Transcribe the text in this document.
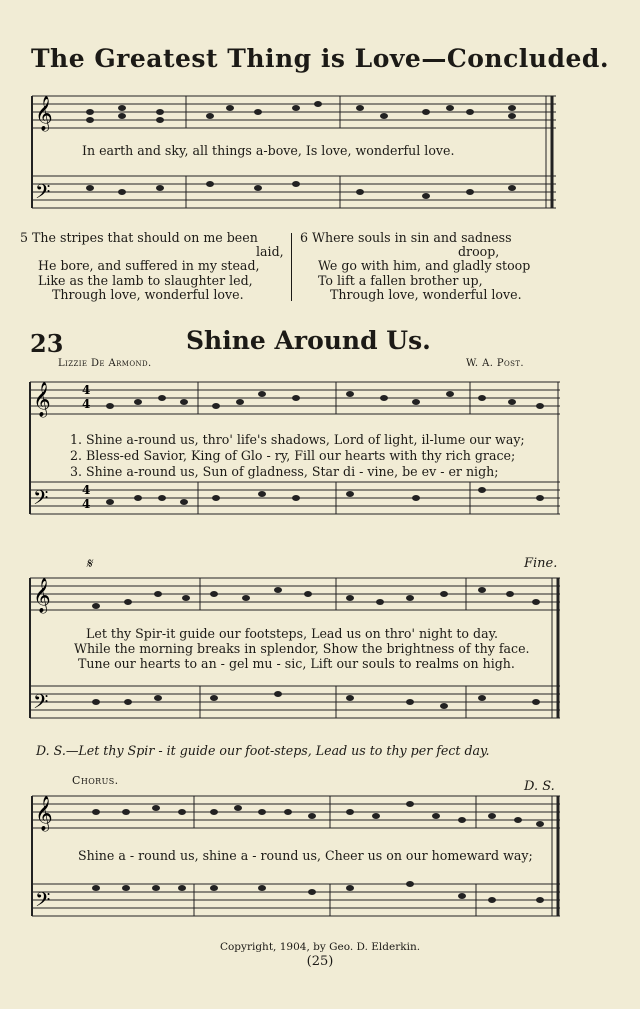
The Greatest Thing is Love—Concluded.
𝄞
𝄢
In earth and sky, all things a-bove, Is love, wonderful love.
5 The stripes that should on me been
laid,
He bore, and suffered in my stead,
Like as the lamb to slaughter led,
Through love, wonderful love.
6 Where souls in sin and sadness
droop,
We go with him, and gladly stoop
To lift a fallen brother up,
Through love, wonderful love.
23	Shine Around Us.
Lizzie De Armond.	W. A. Post.
𝄞
𝄢
4
4
4
4
1. Shine a-round us, thro' life's shadows, Lord of light, il-lume our way;
2. Bless-ed Savior, King of Glo - ry, Fill our hearts with thy rich grace;
3. Shine a-round us, Sun of gladness, Star di - vine, be ev - er nigh;
𝄞
𝄢
𝄋	Fine.
Let thy Spir-it guide our footsteps, Lead us on thro' night to day.
While the morning breaks in splendor, Show the brightness of thy face.
Tune our hearts to an - gel mu - sic, Lift our souls to realms on high.
D. S.—Let thy Spir - it guide our foot-steps, Lead us to thy per fect day.
Chorus.	D. S.
𝄞
𝄢
Shine a - round us, shine a - round us, Cheer us on our homeward way;
Copyright, 1904, by Geo. D. Elderkin.
(25)
